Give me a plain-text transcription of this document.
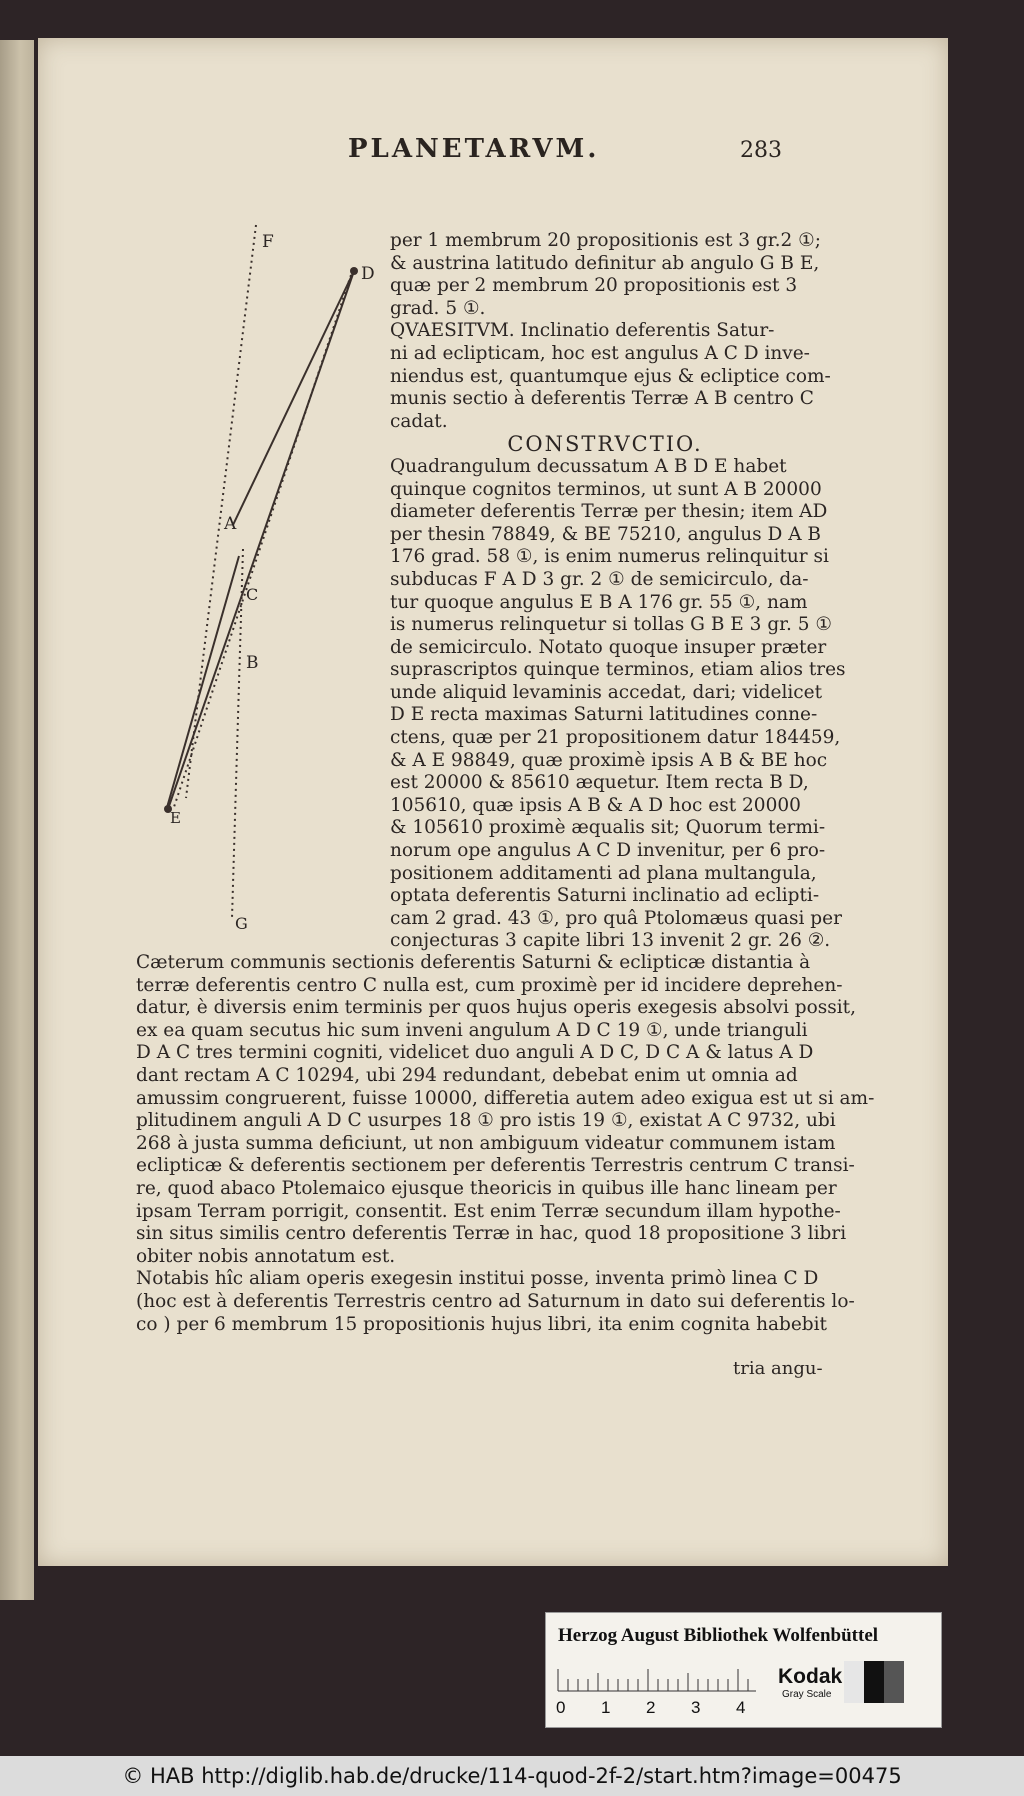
PLANETARVM.	283
F
D
A
C
B
E
G
per 1 membrum 20 propositionis est 3 gr.2 ①;
& austrina latitudo definitur ab angulo G B E,
quæ per 2 membrum 20 propositionis est 3
grad. 5 ①.
QVAESITVM. Inclinatio deferentis Satur-
ni ad eclipticam, hoc est angulus A C D inve-
niendus est, quantumque ejus & ecliptice com-
munis sectio à deferentis Terræ A B centro C
cadat.
CONSTRVCTIO.
Quadrangulum decussatum A B D E habet
quinque cognitos terminos, ut sunt A B 20000
diameter deferentis Terræ per thesin; item AD
per thesin 78849, & BE 75210, angulus D A B
176 grad. 58 ①, is enim numerus relinquitur si
subducas F A D 3 gr. 2 ① de semicirculo, da-
tur quoque angulus E B A 176 gr. 55 ①, nam
is numerus relinquetur si tollas G B E 3 gr. 5 ①
de semicirculo. Notato quoque insuper præter
suprascriptos quinque terminos, etiam alios tres
unde aliquid levaminis accedat, dari; videlicet
D E recta maximas Saturni latitudines conne-
ctens, quæ per 21 propositionem datur 184459,
& A E 98849, quæ proximè ipsis A B & BE hoc
est 20000 & 85610 æquetur. Item recta B D,
105610, quæ ipsis A B & A D hoc est 20000
& 105610 proximè æqualis sit; Quorum termi-
norum ope angulus A C D invenitur, per 6 pro-
positionem additamenti ad plana multangula,
optata deferentis Saturni inclinatio ad eclipti-
cam 2 grad. 43 ①, pro quâ Ptolomæus quasi per
conjecturas 3 capite libri 13 invenit 2 gr. 26 ②.
Cæterum communis sectionis deferentis Saturni & eclipticæ distantia à
terræ deferentis centro C nulla est, cum proximè per id incidere deprehen-
datur, è diversis enim terminis per quos hujus operis exegesis absolvi possit,
ex ea quam secutus hic sum inveni angulum A D C 19 ①, unde trianguli
D A C tres termini cogniti, videlicet duo anguli A D C, D C A & latus A D
dant rectam A C 10294, ubi 294 redundant, debebat enim ut omnia ad
amussim congruerent, fuisse 10000, differetia autem adeo exigua est ut si am-
plitudinem anguli A D C usurpes 18 ① pro istis 19 ①, existat A C 9732, ubi
268 à justa summa deficiunt, ut non ambiguum videatur communem istam
eclipticæ & deferentis sectionem per deferentis Terrestris centrum C transi-
re, quod abaco Ptolemaico ejusque theoricis in quibus ille hanc lineam per
ipsam Terram porrigit, consentit. Est enim Terræ secundum illam hypothe-
sin situs similis centro deferentis Terræ in hac, quod 18 propositione 3 libri
obiter nobis annotatum est.
Notabis hîc aliam operis exegesin institui posse, inventa primò linea C D
(hoc est à deferentis Terrestris centro ad Saturnum in dato sui deferentis lo-
co ) per 6 membrum 15 propositionis hujus libri, ita enim cognita habebit
tria angu-
Herzog August Bibliothek Wolfenbüttel
0 1 2 3 4
Kodak
Gray Scale
© HAB http://diglib.hab.de/drucke/114-quod-2f-2/start.htm?image=00475
